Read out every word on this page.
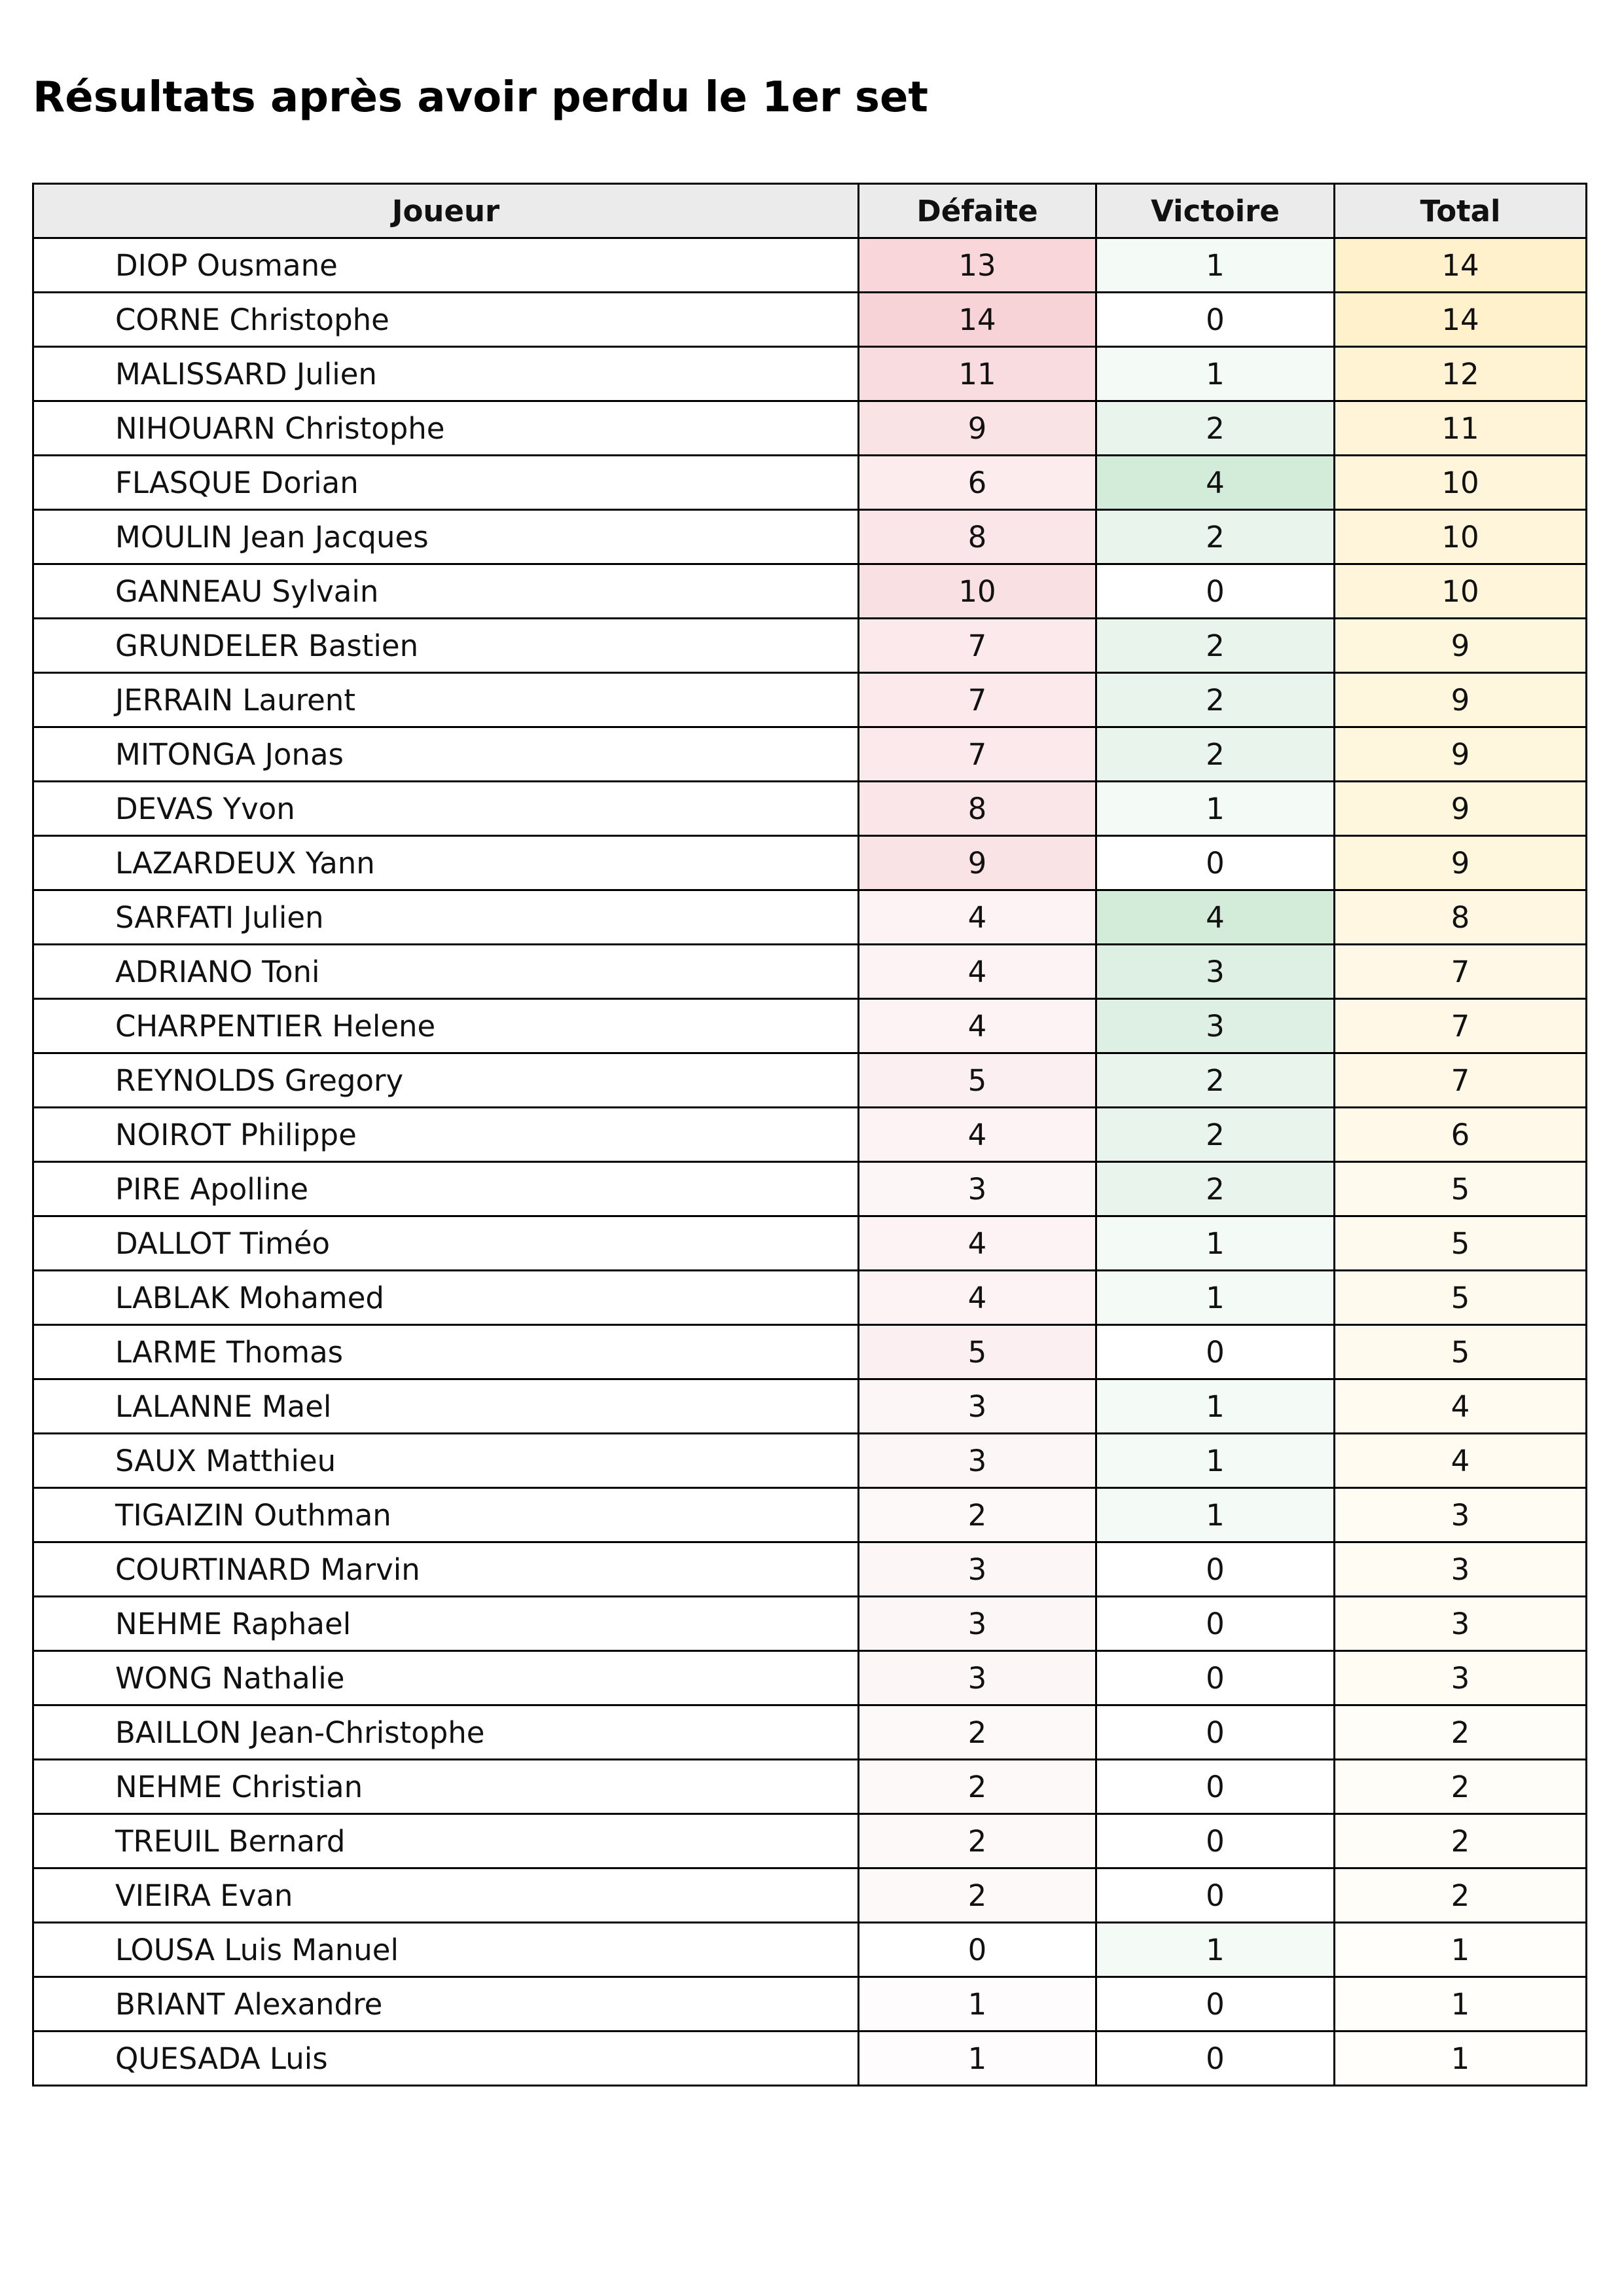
Résultats après avoir perdu le 1er set
Joueur	Défaite	Victoire	Total
DIOP Ousmane	13	1	14
CORNE Christophe	14	0	14
MALISSARD Julien	11	1	12
NIHOUARN Christophe	9	2	11
FLASQUE Dorian	6	4	10
MOULIN Jean Jacques	8	2	10
GANNEAU Sylvain	10	0	10
GRUNDELER Bastien	7	2	9
JERRAIN Laurent	7	2	9
MITONGA Jonas	7	2	9
DEVAS Yvon	8	1	9
LAZARDEUX Yann	9	0	9
SARFATI Julien	4	4	8
ADRIANO Toni	4	3	7
CHARPENTIER Helene	4	3	7
REYNOLDS Gregory	5	2	7
NOIROT Philippe	4	2	6
PIRE Apolline	3	2	5
DALLOT Timéo	4	1	5
LABLAK Mohamed	4	1	5
LARME Thomas	5	0	5
LALANNE Mael	3	1	4
SAUX Matthieu	3	1	4
TIGAIZIN Outhman	2	1	3
COURTINARD Marvin	3	0	3
NEHME Raphael	3	0	3
WONG Nathalie	3	0	3
BAILLON Jean-Christophe	2	0	2
NEHME Christian	2	0	2
TREUIL Bernard	2	0	2
VIEIRA Evan	2	0	2
LOUSA Luis Manuel	0	1	1
BRIANT Alexandre	1	0	1
QUESADA Luis	1	0	1
